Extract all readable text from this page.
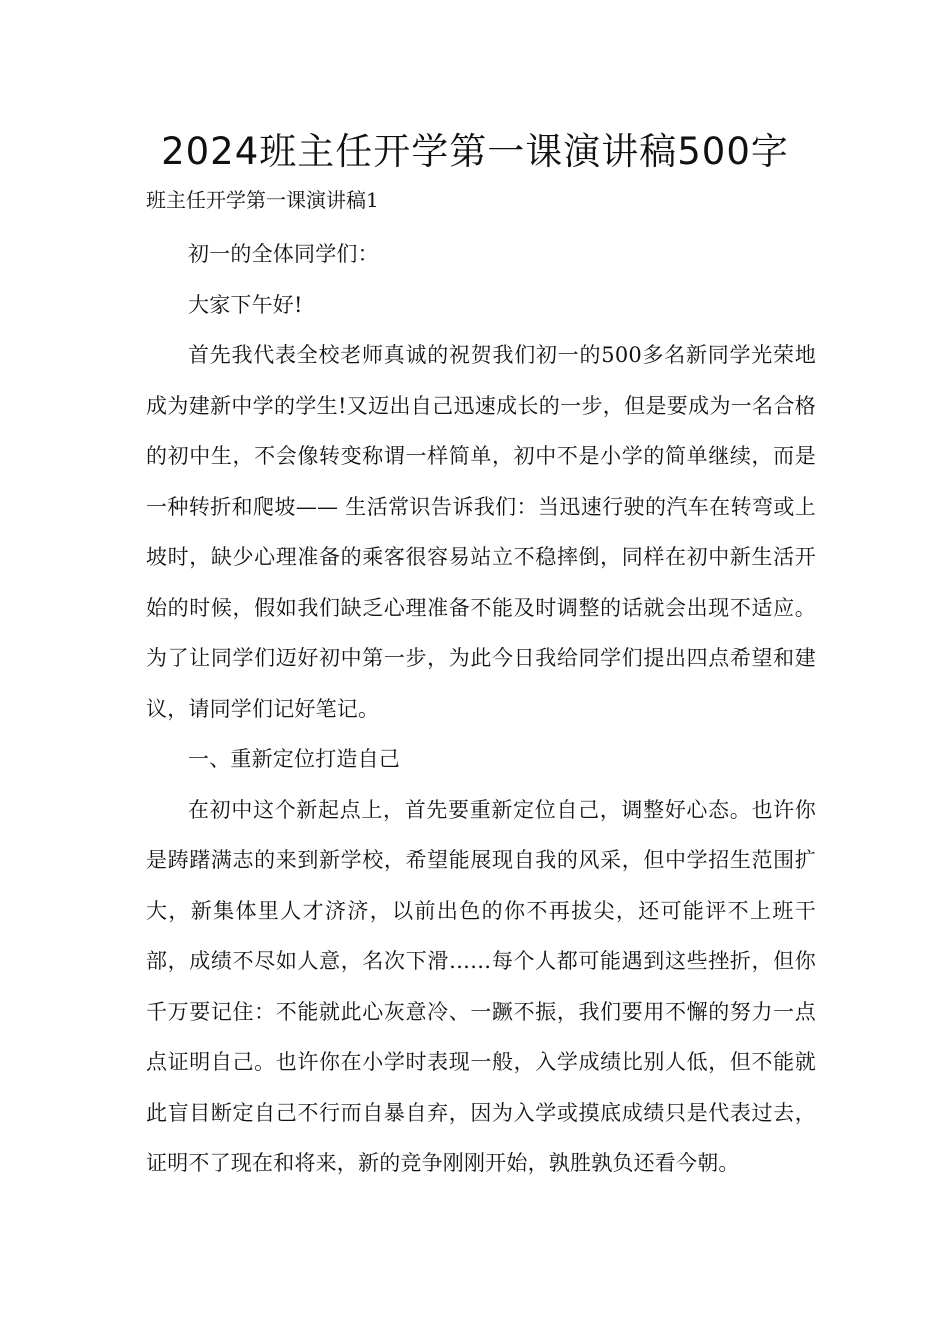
2024班主任开学第一课演讲稿500字

班主任开学第一课演讲稿1

初一的全体同学们：

大家下午好!

首先我代表全校老师真诚的祝贺我们初一的500多名新同学光荣地成为建新中学的学生!又迈出自己迅速成长的一步，但是要成为一名合格的初中生，不会像转变称谓一样简单，初中不是小学的简单继续，而是一种转折和爬坡—— 生活常识告诉我们：当迅速行驶的汽车在转弯或上坡时，缺少心理准备的乘客很容易站立不稳摔倒，同样在初中新生活开始的时候，假如我们缺乏心理准备不能及时调整的话就会出现不适应。 为了让同学们迈好初中第一步，为此今日我给同学们提出四点希望和建议，请同学们记好笔记。

一、重新定位打造自己

在初中这个新起点上，首先要重新定位自己，调整好心态。也许你是踌躇满志的来到新学校，希望能展现自我的风采，但中学招生范围扩大，新集体里人才济济，以前出色的你不再拔尖，还可能评不上班干部，成绩不尽如人意，名次下滑……每个人都可能遇到这些挫折，但你千万要记住：不能就此心灰意冷、一蹶不振，我们要用不懈的努力一点点证明自己。也许你在小学时表现一般，入学成绩比别人低，但不能就此盲目断定自己不行而自暴自弃，因为入学或摸底成绩只是代表过去，证明不了现在和将来，新的竞争刚刚开始，孰胜孰负还看今朝。
